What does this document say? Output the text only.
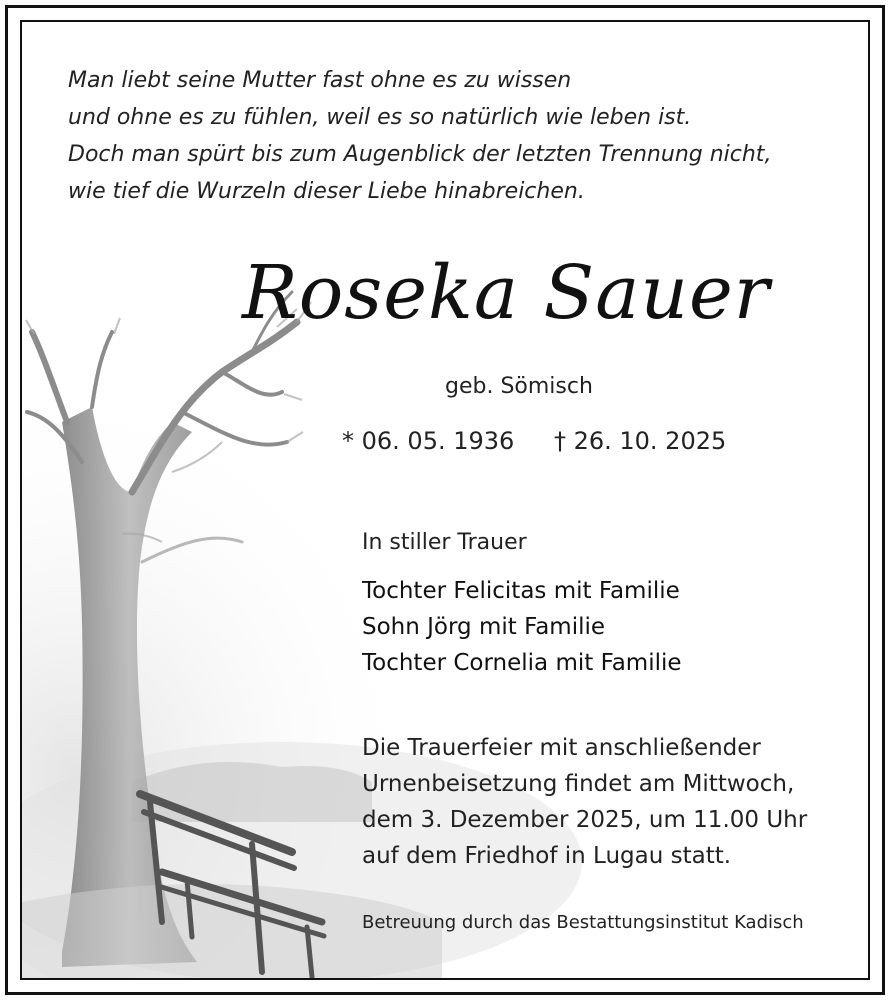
Man liebt seine Mutter fast ohne es zu wissen
und ohne es zu fühlen, weil es so natürlich wie leben ist.
Doch man spürt bis zum Augenblick der letzten Trennung nicht,
wie tief die Wurzeln dieser Liebe hinabreichen.

Roseka Sauer
geb. Sömisch
* 06. 05. 1936 † 26. 10. 2025
In stiller Trauer
Tochter Felicitas mit Familie
Sohn Jörg mit Familie
Tochter Cornelia mit Familie
Die Trauerfeier mit anschließender
Urnenbeisetzung findet am Mittwoch,
dem 3. Dezember 2025, um 11.00 Uhr
auf dem Friedhof in Lugau statt.
Betreuung durch das Bestattungsinstitut Kadisch
